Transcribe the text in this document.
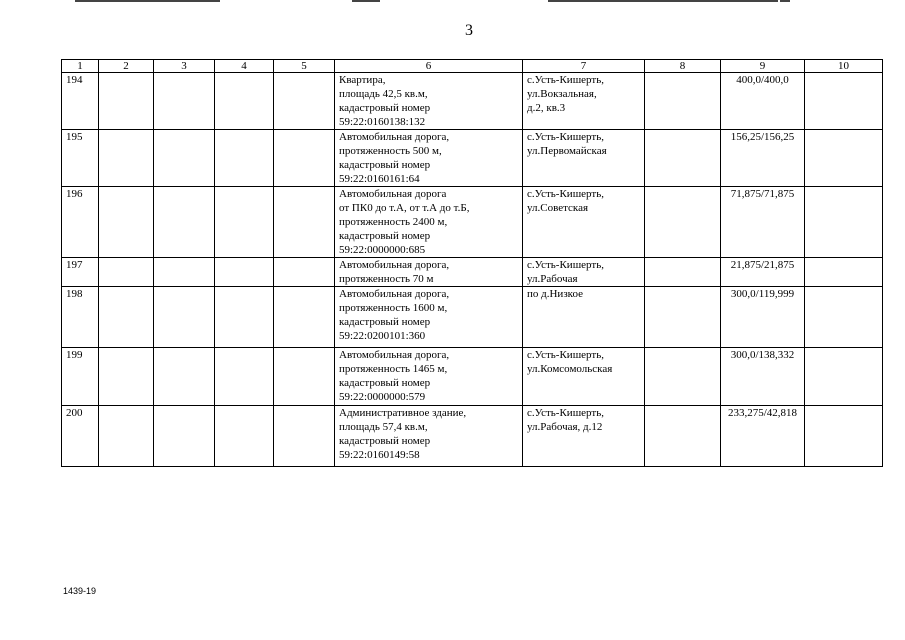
3
1	2	3	4	5	6	7	8	9	10
194					Квартира,
площадь 42,5 кв.м,
кадастровый номер
59:22:0160138:132	с.Усть-Кишерть,
ул.Вокзальная,
д.2, кв.3		400,0/400,0	
195					Автомобильная дорога,
протяженность 500 м,
кадастровый номер
59:22:0160161:64	с.Усть-Кишерть,
ул.Первомайская		156,25/156,25	
196					Автомобильная дорога
от ПК0 до т.А, от т.А до т.Б,
протяженность 2400 м,
кадастровый номер
59:22:0000000:685	с.Усть-Кишерть,
ул.Советская		71,875/71,875	
197					Автомобильная дорога,
протяженность 70 м	с.Усть-Кишерть,
ул.Рабочая		21,875/21,875	
198					Автомобильная дорога,
протяженность 1600 м,
кадастровый номер
59:22:0200101:360	по д.Низкое		300,0/119,999	
199					Автомобильная дорога,
протяженность 1465 м,
кадастровый номер
59:22:0000000:579	с.Усть-Кишерть,
ул.Комсомольская		300,0/138,332	
200					Административное здание,
площадь 57,4 кв.м,
кадастровый номер
59:22:0160149:58	с.Усть-Кишерть,
ул.Рабочая, д.12		233,275/42,818	
1439-19
